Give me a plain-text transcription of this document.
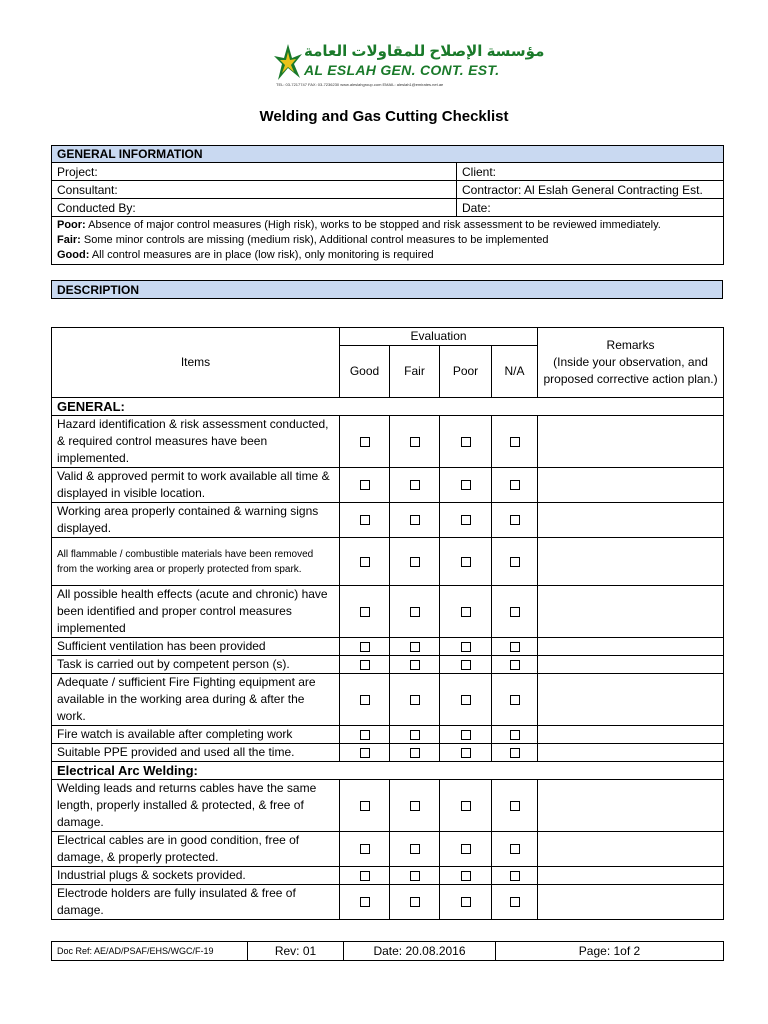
مؤسسة الإصلاح للمقاولات العامة
AL ESLAH GEN. CONT. EST.
TEL: 03-7217747 FAX: 03-7236230 www.aleslahgroup.com EMAIL: aleslah1@emirates.net.ae
Welding and Gas Cutting Checklist
GENERAL INFORMATION	
Project:	Client:
Consultant:	Contractor: Al Eslah General Contracting Est.
Conducted By:	Date:

Poor: Absence of major control measures (High risk), works to be stopped and risk assessment to be reviewed immediately.
Fair: Some minor controls are missing (medium risk), Additional control measures to be implemented
Good: All control measures are in place (low risk), only monitoring is required	
DESCRIPTION
Items	Evaluation				Remarks
(Inside your observation, and proposed corrective action plan.)

	Good	Fair	Poor	N/A	
GENERAL:					
Hazard identification & risk assessment conducted, & required control measures have been implemented.					
Valid & approved permit to work available all time & displayed in visible location.					
Working area properly contained & warning signs displayed.					
All flammable / combustible materials have been removed from the working area or properly protected from spark.					
All possible health effects (acute and chronic) have been identified and proper control measures implemented					
Sufficient ventilation has been provided					
Task is carried out by competent person (s).					
Adequate / sufficient Fire Fighting equipment are available in the working area during & after the work.					
Fire watch is available after completing work					
Suitable PPE provided and used all the time.					
Electrical Arc Welding:					
Welding leads and returns cables have the same length, properly installed & protected, & free of damage.					
Electrical cables are in good condition, free of damage, & properly protected.					
Industrial plugs & sockets provided.					
Electrode holders are fully insulated & free of damage.					
Doc Ref: AE/AD/PSAF/EHS/WGC/F-19	Rev: 01	Date: 20.08.2016	Page: 1of 2
